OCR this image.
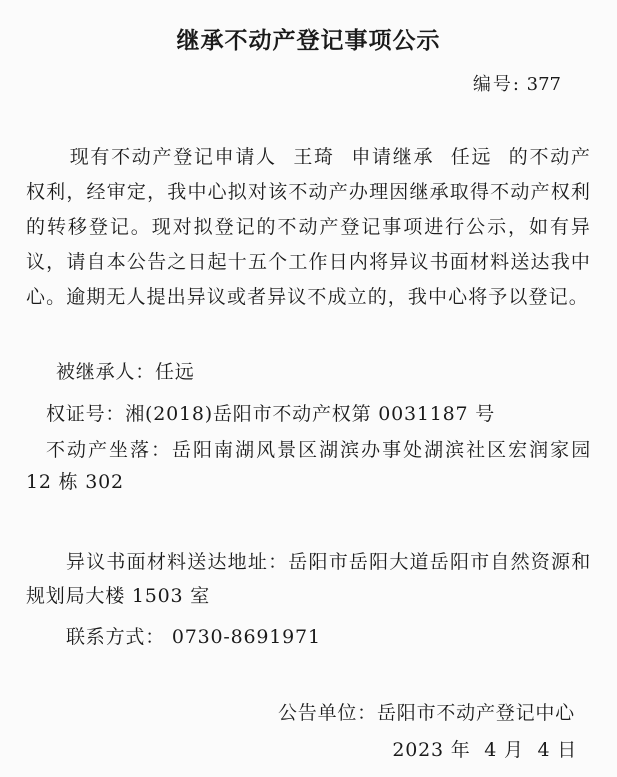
继承不动产登记事项公示
编号: 377
现有不动产登记申请人 王琦 申请继承 任远 的不动产权利，经审定，我中心拟对该不动产办理因继承取得不动产权利的转移登记。现对拟登记的不动产登记事项进行公示，如有异议，请自本公告之日起十五个工作日内将异议书面材料送达我中心。逾期无人提出异议或者异议不成立的，我中心将予以登记。
被继承人：任远
权证号：湘(2018)岳阳市不动产权第 0031187 号
不动产坐落：岳阳南湖风景区湖滨办事处湖滨社区宏润家园 12 栋 302
异议书面材料送达地址：岳阳市岳阳大道岳阳市自然资源和规划局大楼 1503 室
联系方式： 0730-8691971
公告单位：岳阳市不动产登记中心
2023 年  4 月  4 日
